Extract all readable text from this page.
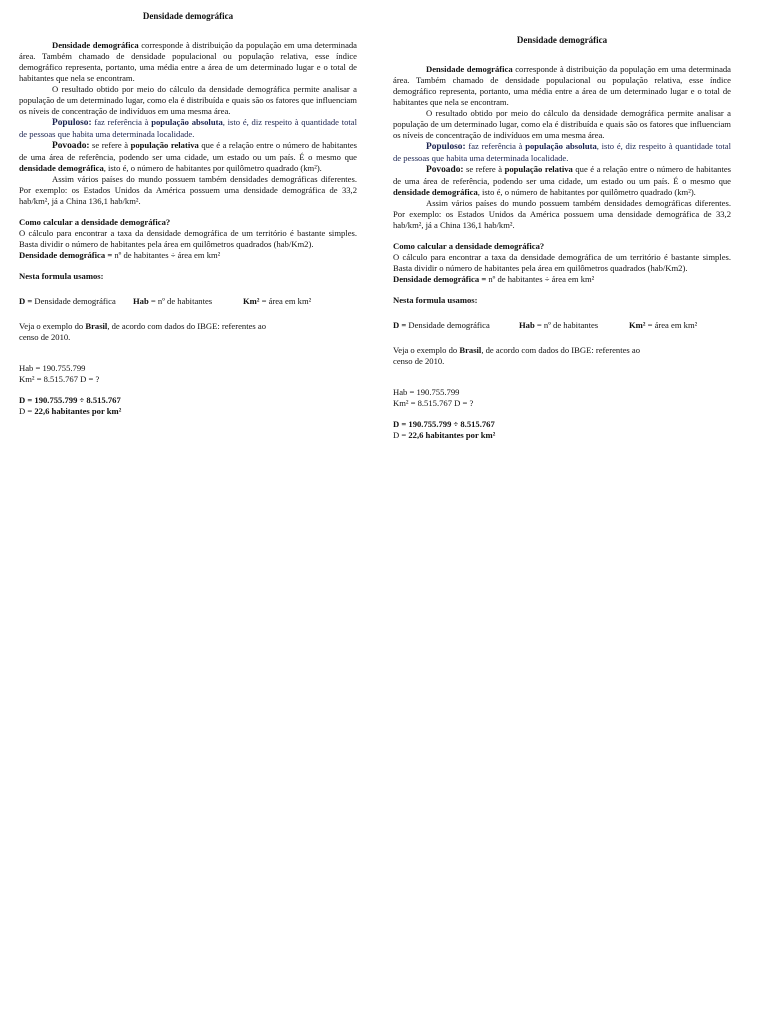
Densidade demográfica

Densidade demográfica corresponde à distribuição da população em uma determinada área. Também chamado de densidade populacional ou população relativa, esse índice demográfico representa, portanto, uma média entre a área de um determinado lugar e o total de habitantes que nela se encontram.

O resultado obtido por meio do cálculo da densidade demográfica permite analisar a população de um determinado lugar, como ela é distribuída e quais são os fatores que influenciam os níveis de concentração de indivíduos em uma mesma área.

Populoso: faz referência à população absoluta, isto é, diz respeito à quantidade total de pessoas que habita uma determinada localidade.

Povoado: se refere à população relativa que é a relação entre o número de habitantes de uma área de referência, podendo ser uma cidade, um estado ou um país. É o mesmo que densidade demográfica, isto é, o número de habitantes por quilômetro quadrado (km²).

Assim vários países do mundo possuem também densidades demográficas diferentes. Por exemplo: os Estados Unidos da América possuem uma densidade demográfica de 33,2 hab/km², já a China 136,1 hab/km².

Como calcular a densidade demográfica?

O cálculo para encontrar a taxa da densidade demográfica de um território é bastante simples. Basta dividir o número de habitantes pela área em quilômetros quadrados (hab/Km2).

Densidade demográfica = nº de habitantes ÷ área em km²

Nesta formula usamos:

D = Densidade demográfica	Hab = nº de habitantes	Km² = área em km²
Veja o exemplo do Brasil, de acordo com dados do IBGE: referentes ao
censo de 2010.
Hab = 190.755.799
Km² = 8.515.767 D = ?
D = 190.755.799 ÷ 8.515.767
D = 22,6 habitantes por km²
Densidade demográfica

Densidade demográfica corresponde à distribuição da população em uma determinada área. Também chamado de densidade populacional ou população relativa, esse índice demográfico representa, portanto, uma média entre a área de um determinado lugar e o total de habitantes que nela se encontram.

O resultado obtido por meio do cálculo da densidade demográfica permite analisar a população de um determinado lugar, como ela é distribuída e quais são os fatores que influenciam os níveis de concentração de indivíduos em uma mesma área.

Populoso: faz referência à população absoluta, isto é, diz respeito à quantidade total de pessoas que habita uma determinada localidade.

Povoado: se refere à população relativa que é a relação entre o número de habitantes de uma área de referência, podendo ser uma cidade, um estado ou um país. É o mesmo que densidade demográfica, isto é, o número de habitantes por quilômetro quadrado (km²).

Assim vários países do mundo possuem também densidades demográficas diferentes. Por exemplo: os Estados Unidos da América possuem uma densidade demográfica de 33,2 hab/km², já a China 136,1 hab/km².

Como calcular a densidade demográfica?

O cálculo para encontrar a taxa da densidade demográfica de um território é bastante simples. Basta dividir o número de habitantes pela área em quilômetros quadrados (hab/Km2).

Densidade demográfica = nº de habitantes ÷ área em km²

Nesta formula usamos:

D = Densidade demográfica	Hab = nº de habitantes	Km² = área em km²
Veja o exemplo do Brasil, de acordo com dados do IBGE: referentes ao
censo de 2010.
Hab = 190.755.799
Km² = 8.515.767 D = ?
D = 190.755.799 ÷ 8.515.767
D = 22,6 habitantes por km²
